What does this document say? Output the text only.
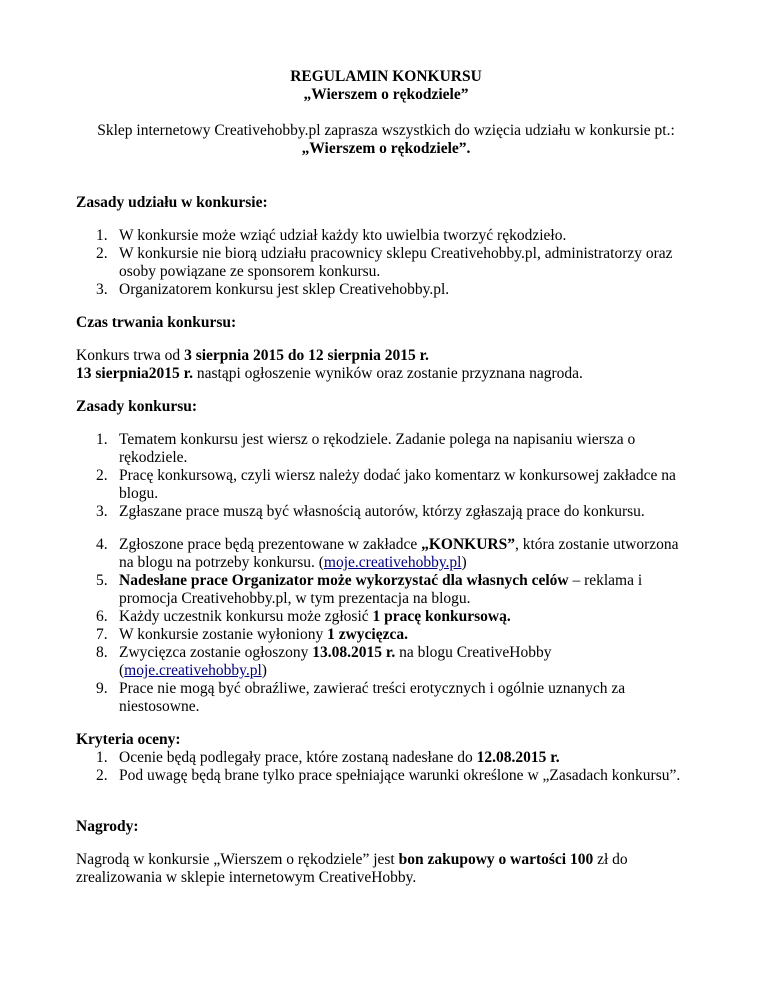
REGULAMIN KONKURSU

„Wierszem o rękodziele”

Sklep internetowy Creativehobby.pl zaprasza wszystkich do wzięcia udziału w konkursie pt.:

„Wierszem o rękodziele”.

Zasady udziału w konkursie:

1. W konkursie może wziąć udział każdy kto uwielbia tworzyć rękodzieło.
2. W konkursie nie biorą udziału pracownicy sklepu Creativehobby.pl, administratorzy oraz osoby powiązane ze sponsorem konkursu.
3. Organizatorem konkursu jest sklep Creativehobby.pl.

Czas trwania konkursu:

Konkurs trwa od 3 sierpnia 2015 do 12 sierpnia 2015 r.

13 sierpnia2015 r. nastąpi ogłoszenie wyników oraz zostanie przyznana nagroda.

Zasady konkursu:

1. Tematem konkursu jest wiersz o rękodziele. Zadanie polega na napisaniu wiersza o rękodziele.
2. Pracę konkursową, czyli wiersz należy dodać jako komentarz w konkursowej zakładce na blogu.
3. Zgłaszane prace muszą być własnością autorów, którzy zgłaszają prace do konkursu.
4. Zgłoszone prace będą prezentowane w zakładce „KONKURS”, która zostanie utworzona na blogu na potrzeby konkursu. (moje.creativehobby.pl)
5. Nadesłane prace Organizator może wykorzystać dla własnych celów – reklama i promocja Creativehobby.pl, w tym prezentacja na blogu.
6. Każdy uczestnik konkursu może zgłosić 1 pracę konkursową.
7. W konkursie zostanie wyłoniony 1 zwycięzca.
8. Zwycięzca zostanie ogłoszony 13.08.2015 r. na blogu CreativeHobby (moje.creativehobby.pl)
9. Prace nie mogą być obraźliwe, zawierać treści erotycznych i ogólnie uznanych za niestosowne.

Kryteria oceny:

1. Ocenie będą podlegały prace, które zostaną nadesłane do 12.08.2015 r.
2. Pod uwagę będą brane tylko prace spełniające warunki określone w „Zasadach konkursu”.

Nagrody:

Nagrodą w konkursie „Wierszem o rękodziele” jest bon zakupowy o wartości 100 zł do zrealizowania w sklepie internetowym CreativeHobby.
